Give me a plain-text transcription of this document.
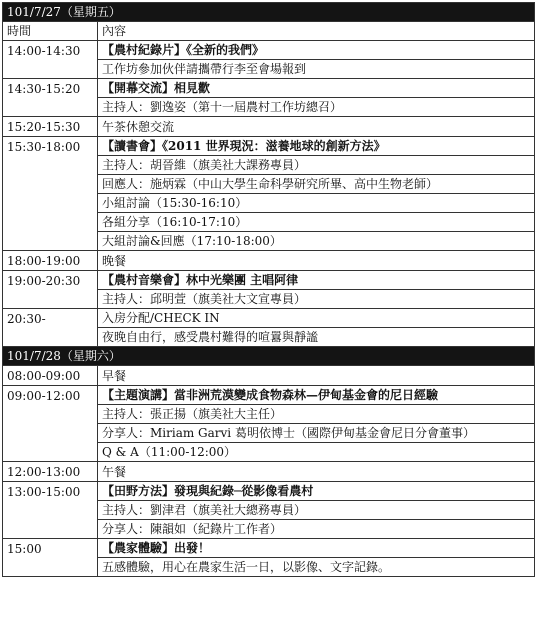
101/7/27（星期五）	
時間	內容
14:00-14:30	【農村紀錄片】《全新的我們》
	工作坊參加伙伴請攜帶行李至會場報到
14:30-15:20	【開幕交流】相見歡
	主持人：劉逸姿（第十一屆農村工作坊總召）
15:20-15:30	午茶休憩交流
15:30-18:00	【讀書會】《2011 世界現況：滋養地球的創新方法》
	主持人：胡晉維（旗美社大課務專員）
	回應人：施炳霖（中山大學生命科學研究所畢、高中生物老師）
	小組討論（15:30-16:10）
	各組分享（16:10-17:10）
	大組討論&回應（17:10-18:00）
18:00-19:00	晚餐
19:00-20:30	【農村音樂會】林中光樂團 主唱阿律
	主持人：邱明萱（旗美社大文宣專員）
20:30-	入房分配/CHECK IN
	夜晚自由行，感受農村難得的喧囂與靜謐
101/7/28（星期六）	
08:00-09:00	早餐
09:00-12:00	【主題演講】當非洲荒漠變成食物森林—伊甸基金會的尼日經驗
	主持人：張正揚（旗美社大主任）
	分享人：Miriam Garvi 葛明依博士（國際伊甸基金會尼日分會董事）
	Q & A（11:00-12:00）
12:00-13:00	午餐
13:00-15:00	【田野方法】發現與紀錄─從影像看農村
	主持人：劉津君（旗美社大總務專員）
	分享人：陳韻如（紀錄片工作者）
15:00	【農家體驗】出發！
	五感體驗，用心在農家生活一日，以影像、文字記錄。
